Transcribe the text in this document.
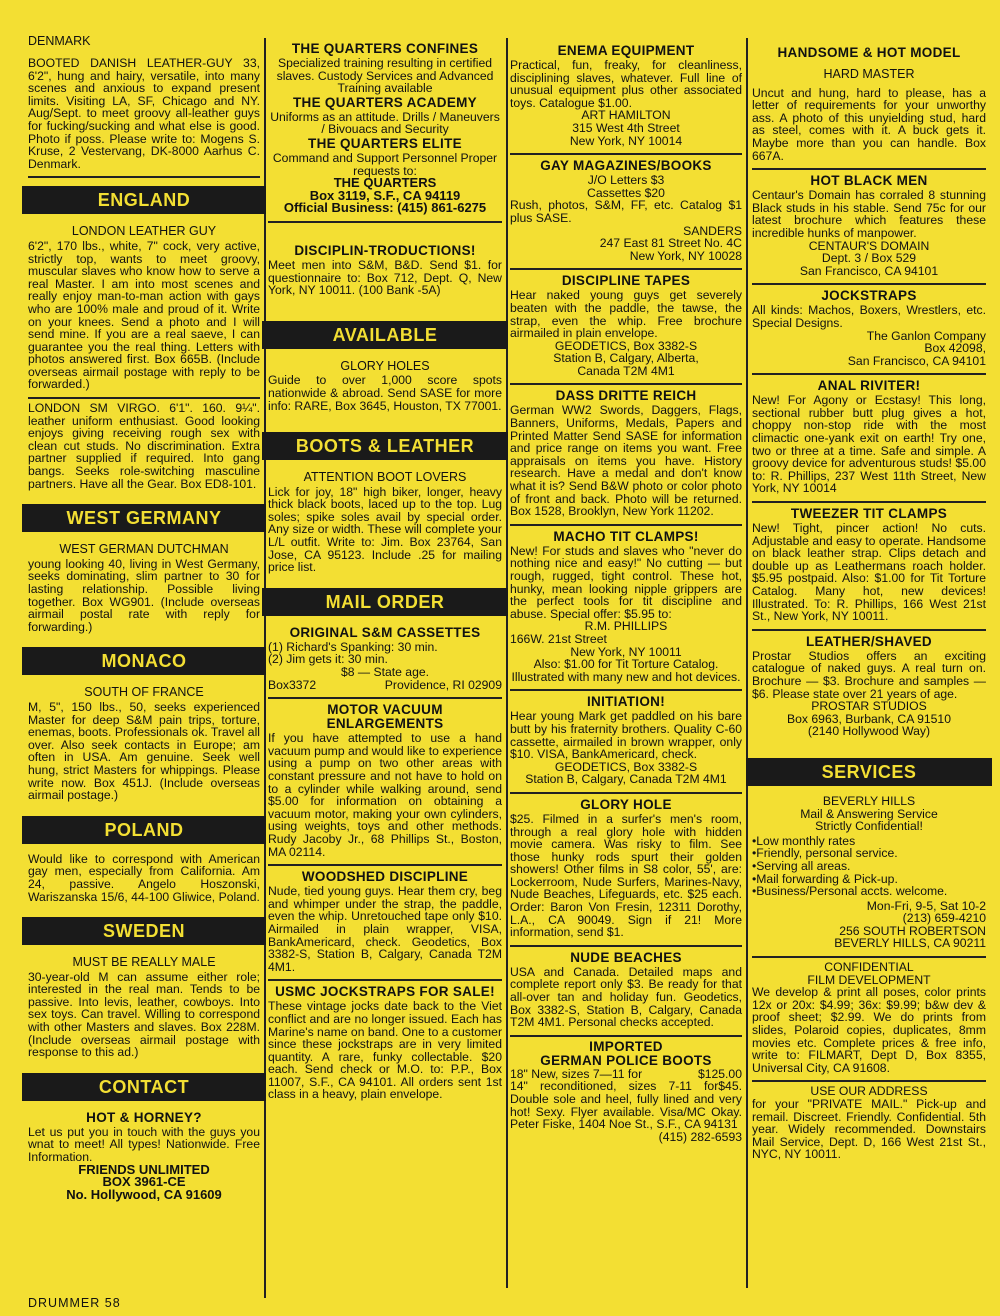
DENMARK

BOOTED DANISH LEATHER-GUY 33, 6'2", hung and hairy, versatile, into many scenes and anxious to expand present limits. Visiting LA, SF, Chicago and NY. Aug/Sept. to meet groovy all-leather guys for fucking/sucking and what else is good. Photo if poss. Please write to: Mogens S. Kruse, 2 Vestervang, DK-8000 Aarhus C. Denmark.

ENGLAND
LONDON LEATHER GUY

6'2", 170 lbs., white, 7" cock, very active, strictly top, wants to meet groovy, muscular slaves who know how to serve a real Master. I am into most scenes and really enjoy man-to-man action with gays who are 100% male and proud of it. Write on your knees. Send a photo and I will send mine. If you are a real saeve, I can guarantee you the real thing. Letters with photos answered first. Box 665B. (Include overseas airmail postage with reply to be forwarded.)

LONDON SM VIRGO. 6'1". 160. 9¼". leather uniform enthusiast. Good looking enjoys giving receiving rough sex with clean cut studs. No discrimination. Extra partner supplied if required. Into gang bangs. Seeks role-switching masculine partners. Have all the Gear. Box ED8-101.

WEST GERMANY
WEST GERMAN DUTCHMAN

young looking 40, living in West Germany, seeks dominating, slim partner to 30 for lasting relationship. Possible living together. Box WG901. (Include overseas airmail postal rate with reply for forwarding.)

MONACO
SOUTH OF FRANCE

M, 5", 150 lbs., 50, seeks experienced Master for deep S&M pain trips, torture, enemas, boots. Professionals ok. Travel all over. Also seek contacts in Europe; am often in USA. Am genuine. Seek well hung, strict Masters for whippings. Please write now. Box 451J. (Include overseas airmail postage.)

POLAND

Would like to correspond with American gay men, especially from California. Am 24, passive. Angelo Hoszonski, Wariszanska 15/6, 44-100 Gliwice, Poland.

SWEDEN
MUST BE REALLY MALE

30-year-old M can assume either role; interested in the real man. Tends to be passive. Into levis, leather, cowboys. Into sex toys. Can travel. Willing to correspond with other Masters and slaves. Box 228M. (Include overseas airmail postage with response to this ad.)

CONTACT
HOT & HORNEY?

Let us put you in touch with the guys you wnat to meet! All types! Nationwide. Free Information.

FRIENDS UNLIMITED

BOX 3961-CE

No. Hollywood, CA 91609

THE QUARTERS CONFINES

Specialized training resulting in certified slaves. Custody Services and Advanced Training available

THE QUARTERS ACADEMY

Uniforms as an attitude. Drills / Maneuvers / Bivouacs and Security

THE QUARTERS ELITE

Command and Support Personnel Proper requests to:

THE QUARTERS

Box 3119, S.F., CA 94119

Official Business: (415) 861-6275

DISCIPLIN-TRODUCTIONS!

Meet men into S&M, B&D. Send $1. for questionnaire to: Box 712, Dept. Q, New York, NY 10011. (100 Bank -5A)

AVAILABLE
GLORY HOLES

Guide to over 1,000 score spots nationwide & abroad. Send SASE for more info: RARE, Box 3645, Houston, TX 77001.

BOOTS & LEATHER
ATTENTION BOOT LOVERS

Lick for joy, 18" high biker, longer, heavy thick black boots, laced up to the top. Lug soles; spike soles avail by special order. Any size or width. These will complete your L/L outfit. Write to: Jim. Box 23764, San Jose, CA 95123. Include .25 for mailing price list.

MAIL ORDER
ORIGINAL S&M CASSETTES

(1) Richard's Spanking: 30 min.

(2) Jim gets it: 30 min.

$8 — State age.

Box3372	Providence, RI 02909

MOTOR VACUUM ENLARGEMENTS

If you have attempted to use a hand vacuum pump and would like to experience using a pump on two other areas with constant pressure and not have to hold on to a cylinder while walking around, send $5.00 for information on obtaining a vacuum motor, making your own cylinders, using weights, toys and other methods. Rudy Jacoby Jr., 68 Phillips St., Boston, MA 02114.

WOODSHED DISCIPLINE

Nude, tied young guys. Hear them cry, beg and whimper under the strap, the paddle, even the whip. Unretouched tape only $10. Airmailed in plain wrapper, VISA, BankAmericard, check. Geodetics, Box 3382-S, Station B, Calgary, Canada T2M 4M1.

USMC JOCKSTRAPS FOR SALE!

These vintage jocks date back to the Viet conflict and are no longer issued. Each has Marine's name on band. One to a customer since these jockstraps are in very limited quantity. A rare, funky collectable. $20 each. Send check or M.O. to: P.P., Box 11007, S.F., CA 94101. All orders sent 1st class in a heavy, plain envelope.

ENEMA EQUIPMENT

Practical, fun, freaky, for cleanliness, disciplining slaves, whatever. Full line of unusual equipment plus other associated toys. Catalogue $1.00.

ART HAMILTON

315 West 4th Street

New York, NY 10014

GAY MAGAZINES/BOOKS

J/O Letters $3

Cassettes $20

Rush, photos, S&M, FF, etc. Catalog $1 plus SASE.

SANDERS

247 East 81 Street No. 4C

New York, NY 10028

DISCIPLINE TAPES

Hear naked young guys get severely beaten with the paddle, the tawse, the strap, even the whip. Free brochure airmailed in plain envelope.

GEODETICS, Box 3382-S

Station B, Calgary, Alberta,

Canada T2M 4M1

DASS DRITTE REICH

German WW2 Swords, Daggers, Flags, Banners, Uniforms, Medals, Papers and Printed Matter Send SASE for information and price range on items you want. Free appraisals on items you have. History research. Have a medal and don't know what it is? Send B&W photo or color photo of front and back. Photo will be returned. Box 1528, Brooklyn, New York 11202.

MACHO TIT CLAMPS!

New! For studs and slaves who "never do nothing nice and easy!" No cutting — but rough, rugged, tight control. These hot, hunky, mean looking nipple grippers are the perfect tools for tit discipline and abuse. Special offer: $5.95 to:

R.M. PHILLIPS

166W. 21st Street

New York, NY 10011

Also: $1.00 for Tit Torture Catalog. Illustrated with many new and hot devices.

INITIATION!

Hear young Mark get paddled on his bare butt by his fraternity brothers. Quality C-60 cassette, airmailed in brown wrapper, only $10. VISA, BankAmericard, check.

GEODETICS, Box 3382-S

Station B, Calgary, Canada T2M 4M1

GLORY HOLE

$25. Filmed in a surfer's men's room, through a real glory hole with hidden movie camera. Was risky to film. See those hunky rods spurt their golden showers! Other films in S8 color, 55', are: Lockerroom, Nude Surfers, Marines-Navy, Nude Beaches, Lifeguards, etc. $25 each. Order: Baron Von Fresin, 12311 Dorothy, L.A., CA 90049. Sign if 21! More information, send $1.

NUDE BEACHES

USA and Canada. Detailed maps and complete report only $3. Be ready for that all-over tan and holiday fun. Geodetics, Box 3382-S, Station B, Calgary, Canada T2M 4M1. Personal checks accepted.

IMPORTED
GERMAN POLICE BOOTS

18" New, sizes 7—11 for	$125.00

14" reconditioned, sizes 7-11 for$45. Double sole and heel, fully lined and very hot! Sexy. Flyer available. Visa/MC Okay. Peter Fiske, 1404 Noe St., S.F., CA 94131

(415) 282-6593

HANDSOME & HOT MODEL
HARD MASTER

Uncut and hung, hard to please, has a letter of requirements for your unworthy ass. A photo of this unyielding stud, hard as steel, comes with it. A buck gets it. Maybe more than you can handle. Box 667A.

HOT BLACK MEN

Centaur's Domain has corraled 8 stunning Black studs in his stable. Send 75c for our latest brochure which features these incredible hunks of manpower.

CENTAUR'S DOMAIN

Dept. 3 / Box 529

San Francisco, CA 94101

JOCKSTRAPS

All kinds: Machos, Boxers, Wrestlers, etc. Special Designs.

The Ganlon Company

Box 42098,

San Francisco, CA 94101

ANAL RIVITER!

New! For Agony or Ecstasy! This long, sectional rubber butt plug gives a hot, choppy non-stop ride with the most climactic one-yank exit on earth! Try one, two or three at a time. Safe and simple. A groovy device for adventurous studs! $5.00 to: R. Phillips, 237 West 11th Street, New York, NY 10014

TWEEZER TIT CLAMPS

New! Tight, pincer action! No cuts. Adjustable and easy to operate. Handsome on black leather strap. Clips detach and double up as Leathermans roach holder. $5.95 postpaid. Also: $1.00 for Tit Torture Catalog. Many hot, new devices! Illustrated. To: R. Phillips, 166 West 21st St., New York, NY 10011.

LEATHER/SHAVED

Prostar Studios offers an exciting catalogue of naked guys. A real turn on. Brochure — $3. Brochure and samples — $6. Please state over 21 years of age.

PROSTAR STUDIOS

Box 6963, Burbank, CA 91510

(2140 Hollywood Way)

SERVICES

BEVERLY HILLS

Mail & Answering Service

Strictly Confidential!

• Low monthly rates
• Friendly, personal service.
• Serving all areas.
• Mail forwarding & Pick-up.
• Business/Personal accts. welcome.

Mon-Fri, 9-5, Sat 10-2

(213) 659-4210

256 SOUTH ROBERTSON

BEVERLY HILLS, CA 90211

CONFIDENTIAL

FILM DEVELOPMENT

We develop & print all poses, color prints 12x or 20x: $4.99; 36x: $9.99; b&w dev & proof sheet; $2.99. We do prints from slides, Polaroid copies, duplicates, 8mm movies etc. Complete prices & free info, write to: FILMART, Dept D, Box 8355, Universal City, CA 91608.

USE OUR ADDRESS

for your "PRIVATE MAIL." Pick-up and remail. Discreet. Friendly. Confidential. 5th year. Widely recommended. Downstairs Mail Service, Dept. D, 166 West 21st St., NYC, NY 10011.

DRUMMER 58
